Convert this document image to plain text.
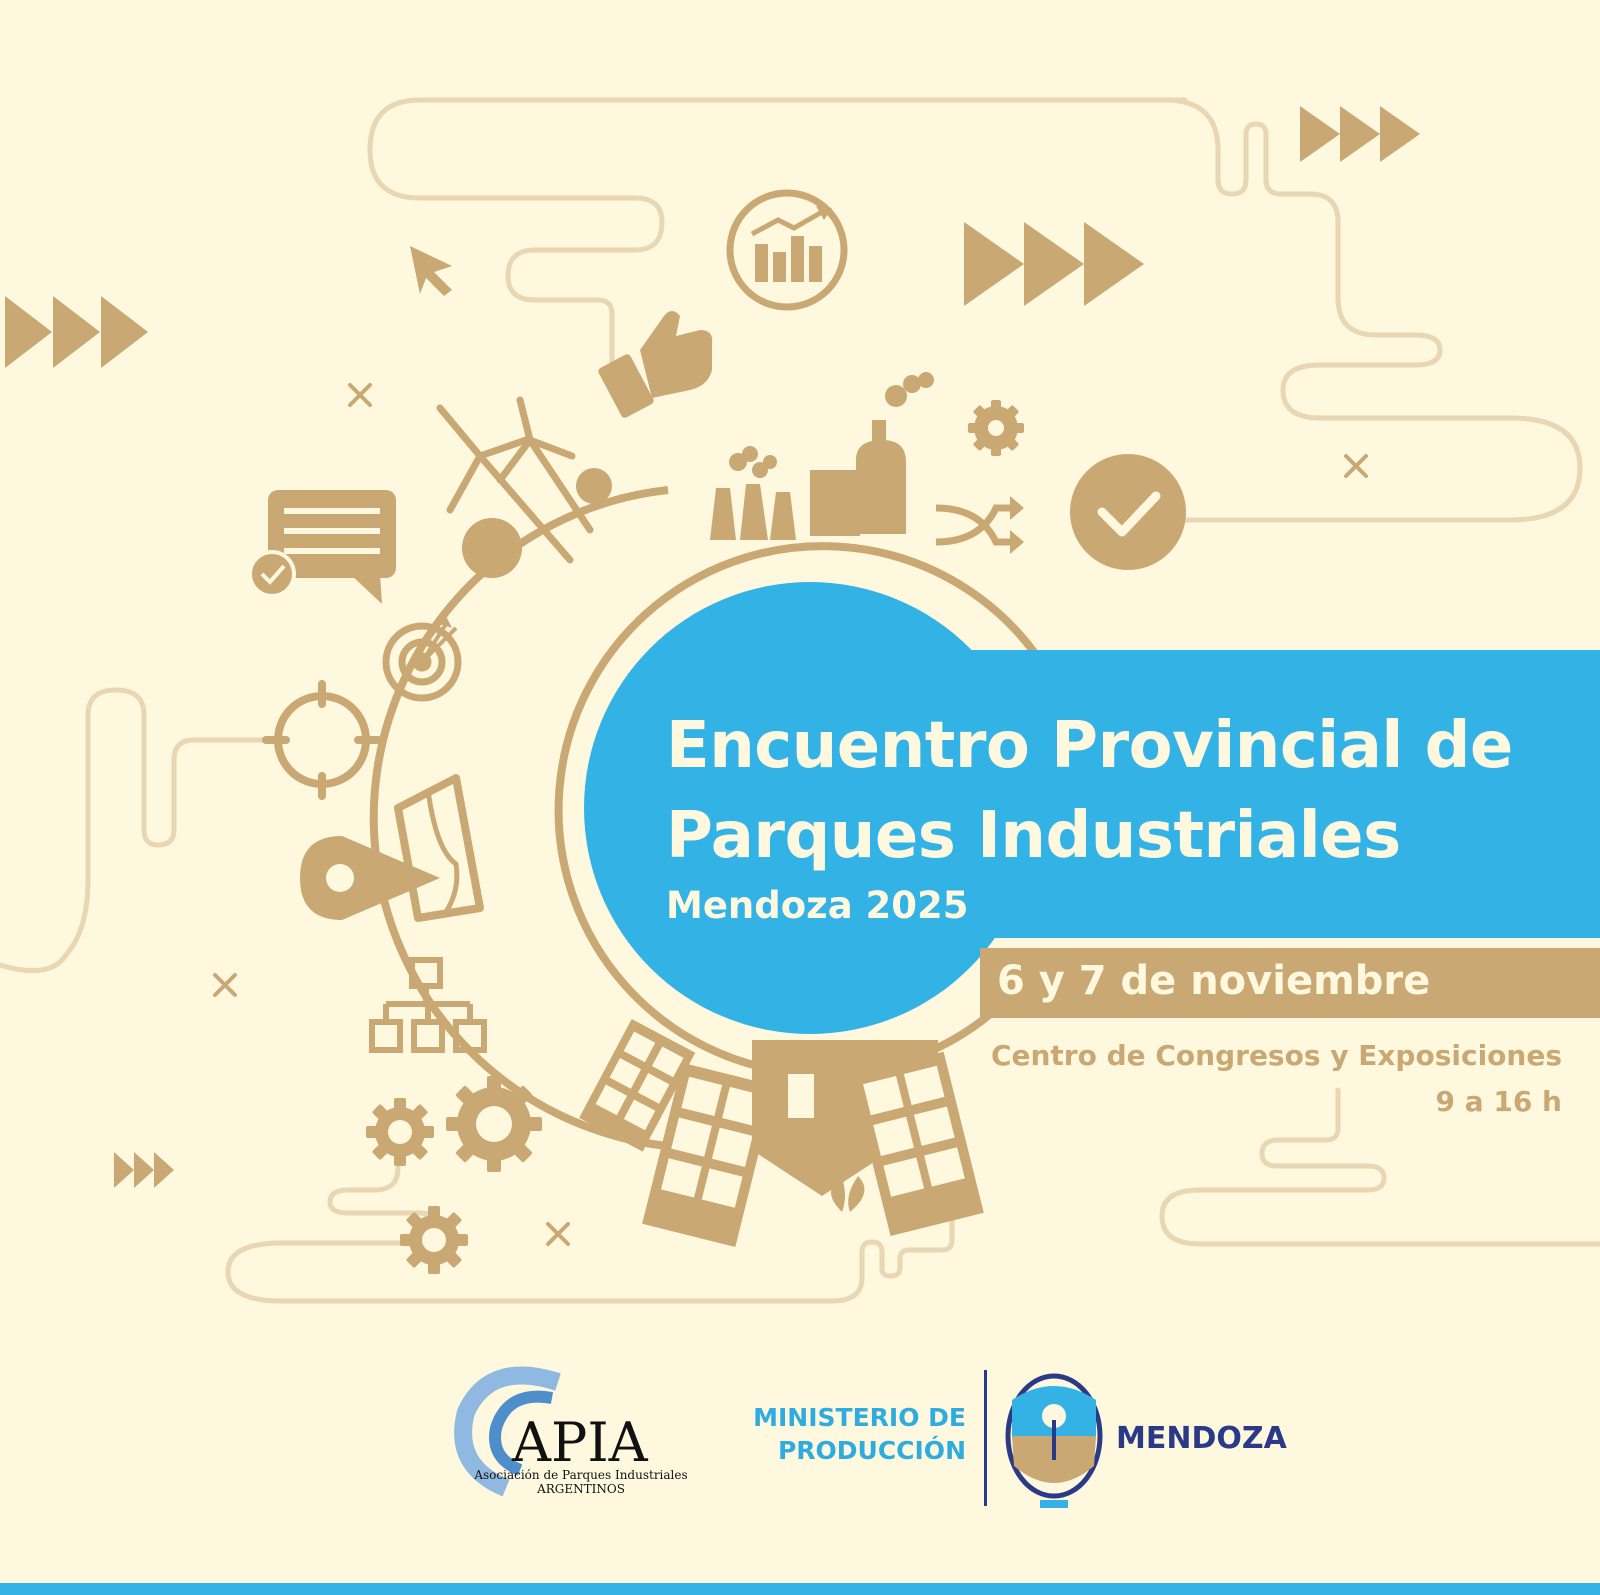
Encuentro Provincial de
Parques Industriales
Mendoza 2025
6 y 7 de noviembre
Centro de Congresos y Exposiciones
9 a 16 h
APIA
Asociación de Parques Industriales
ARGENTINOS
MINISTERIO DE
PRODUCCIÓN	MENDOZA
